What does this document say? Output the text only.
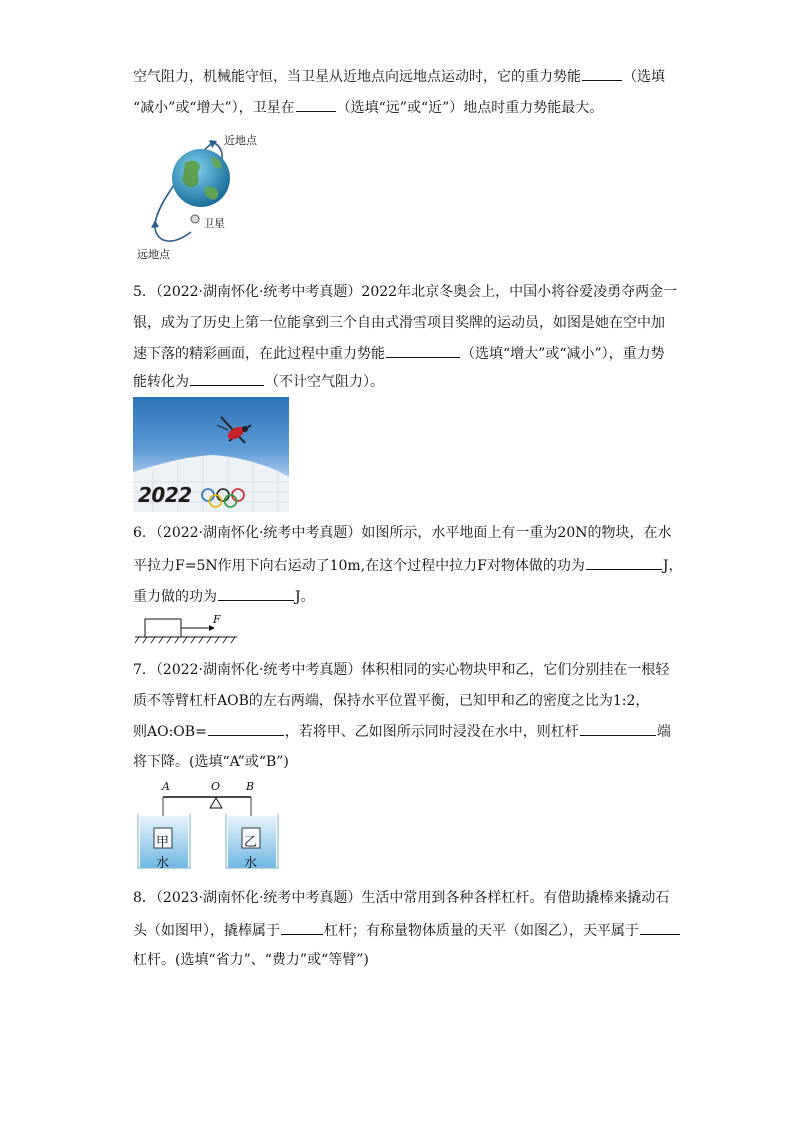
空气阻力，机械能守恒，当卫星从近地点向远地点运动时，它的重力势能	（选填
“减小”或“增大”），卫星在	（选填“远”或“近”）地点时重力势能最大。
近地点
卫星
远地点
5．（2022·湖南怀化·统考中考真题）2022年北京冬奥会上，中国小将谷爱凌勇夺两金一
银，成为了历史上第一位能拿到三个自由式滑雪项目奖牌的运动员，如图是她在空中加
速下落的精彩画面，在此过程中重力势能	（选填“增大”或“减小”），重力势
能转化为	（不计空气阻力）。
2022
6．（2022·湖南怀化·统考中考真题）如图所示，水平地面上有一重为20N的物块，在水
平拉力F=5N作用下向右运动了10m,在这个过程中拉力F对物体做的功为	J，
重力做的功为	J。
F
7．（2022·湖南怀化·统考中考真题）体积相同的实心物块甲和乙，它们分别挂在一根轻
质不等臂杠杆AOB的左右两端，保持水平位置平衡，已知甲和乙的密度之比为1:2，
则AO:OB=	，若将甲、乙如图所示同时浸没在水中，则杠杆	端
将下降。(选填“A”或“B”)
A	O B
甲	乙
水	水
8．（2023·湖南怀化·统考中考真题）生活中常用到各种各样杠杆。有借助撬棒来撬动石
头（如图甲），撬棒属于	杠杆；有称量物体质量的天平（如图乙），天平属于
杠杆。(选填“省力”、“费力”或“等臂”)
